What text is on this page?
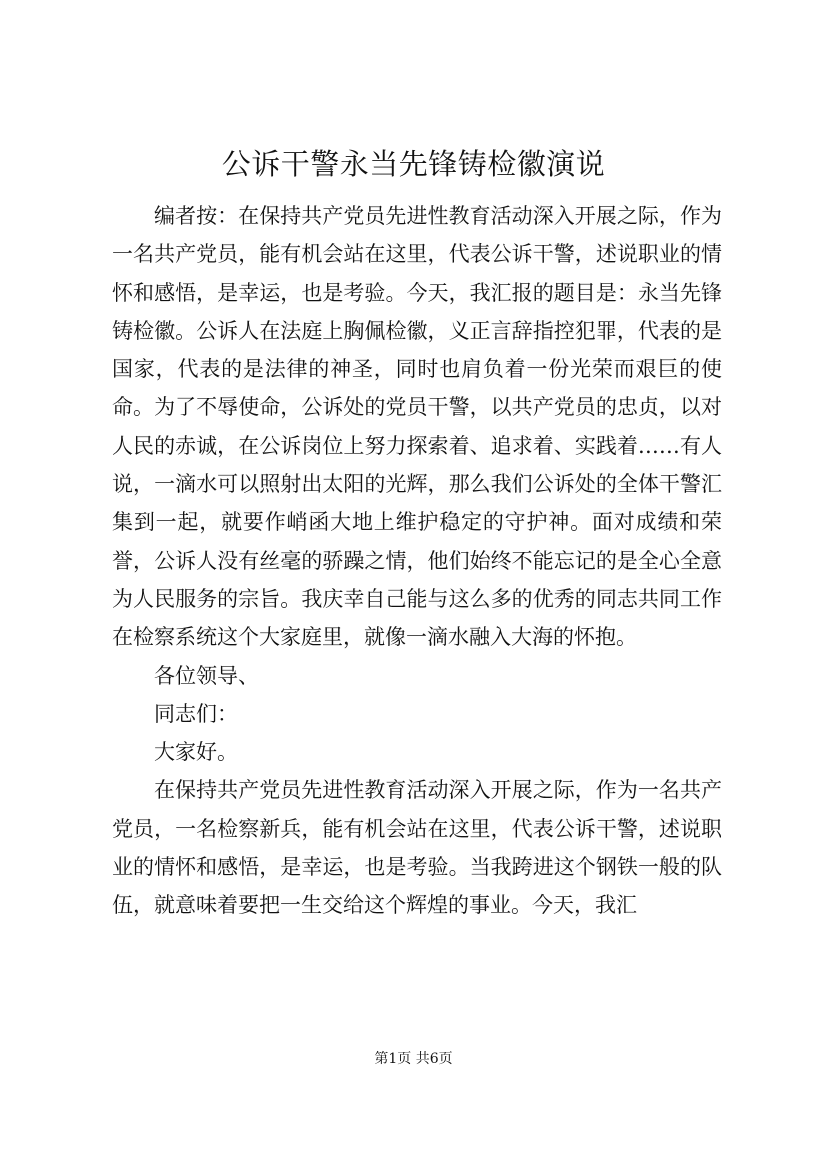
公诉干警永当先锋铸检徽演说

编者按：在保持共产党员先进性教育活动深入开展之际，作为一名共产党员，能有机会站在这里，代表公诉干警，述说职业的情怀和感悟，是幸运，也是考验。今天，我汇报的题目是：永当先锋铸检徽。公诉人在法庭上胸佩检徽，义正言辞指控犯罪，代表的是国家，代表的是法律的神圣，同时也肩负着一份光荣而艰巨的使命。为了不辱使命，公诉处的党员干警，以共产党员的忠贞，以对人民的赤诚，在公诉岗位上努力探索着、追求着、实践着……有人说，一滴水可以照射出太阳的光辉，那么我们公诉处的全体干警汇集到一起，就要作峭函大地上维护稳定的守护神。面对成绩和荣誉，公诉人没有丝毫的骄躁之情，他们始终不能忘记的是全心全意为人民服务的宗旨。我庆幸自己能与这么多的优秀的同志共同工作在检察系统这个大家庭里，就像一滴水融入大海的怀抱。

各位领导、

同志们：

大家好。

在保持共产党员先进性教育活动深入开展之际，作为一名共产党员，一名检察新兵，能有机会站在这里，代表公诉干警，述说职业的情怀和感悟，是幸运，也是考验。当我跨进这个钢铁一般的队伍，就意味着要把一生交给这个辉煌的事业。今天，我汇

第1页 共6页
